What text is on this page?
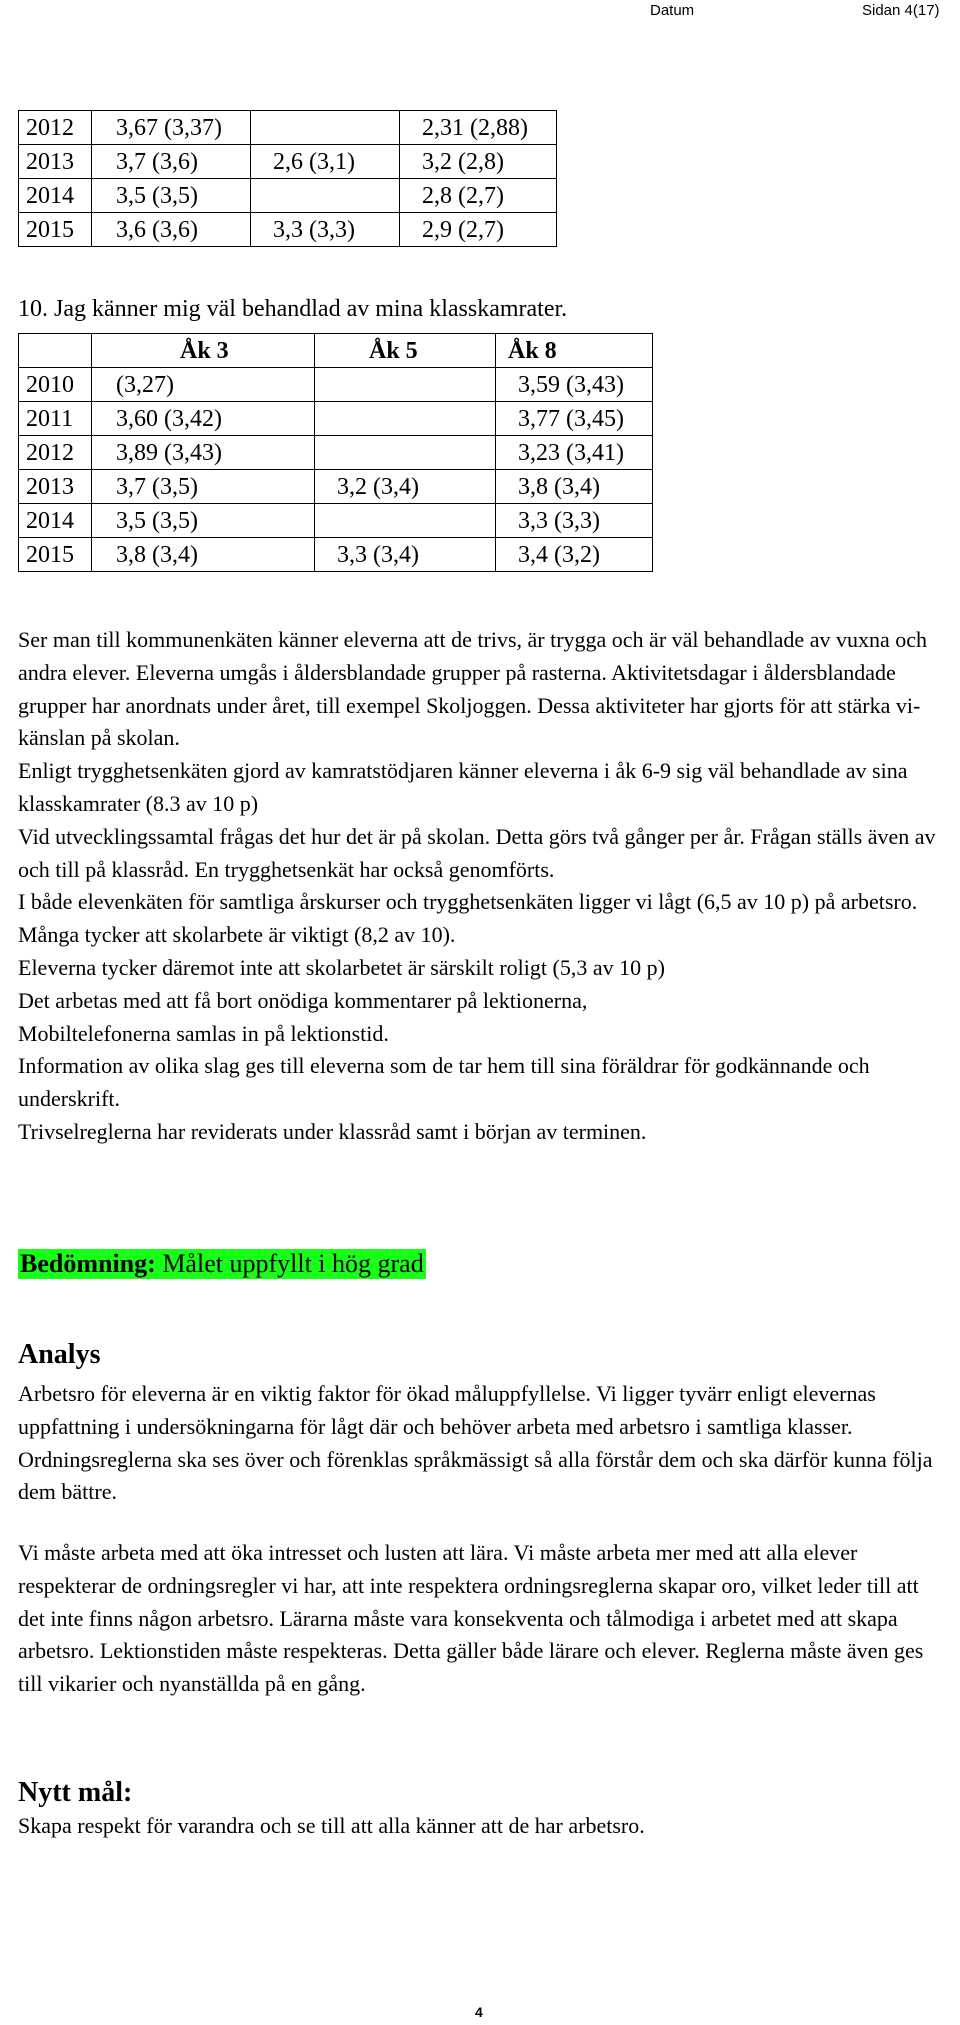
Datum	Sidan 4(17)
2012	3,67 (3,37)		2,31 (2,88)
2013	3,7 (3,6)	2,6 (3,1)	3,2 (2,8)
2014	3,5 (3,5)		2,8 (2,7)
2015	3,6 (3,6)	3,3 (3,3)	2,9 (2,7)
10. Jag känner mig väl behandlad av mina klasskamrater.
	Åk 3	Åk 5	Åk 8
2010	(3,27)		3,59 (3,43)
2011	3,60 (3,42)		3,77 (3,45)
2012	3,89 (3,43)		3,23 (3,41)
2013	3,7 (3,5)	3,2 (3,4)	3,8 (3,4)
2014	3,5 (3,5)		3,3 (3,3)
2015	3,8 (3,4)	3,3 (3,4)	3,4 (3,2)

Ser man till kommunenkäten känner eleverna att de trivs, är trygga och är väl behandlade av vuxna och andra elever. Eleverna umgås i åldersblandade grupper på rasterna. Aktivitetsdagar i åldersblandade grupper har anordnats under året, till exempel Skoljoggen. Dessa aktiviteter har gjorts för att stärka vi-känslan på skolan.

Enligt trygghetsenkäten gjord av kamratstödjaren känner eleverna i åk 6-9 sig väl behandlade av sina klasskamrater (8.3 av 10 p)

Vid utvecklingssamtal frågas det hur det är på skolan. Detta görs två gånger per år. Frågan ställs även av och till på klassråd. En trygghetsenkät har också genomförts.

I både elevenkäten för samtliga årskurser och trygghetsenkäten ligger vi lågt (6,5 av 10 p) på arbetsro. Många tycker att skolarbete är viktigt (8,2 av 10).

Eleverna tycker däremot inte att skolarbetet är särskilt roligt (5,3 av 10 p)

Det arbetas med att få bort onödiga kommentarer på lektionerna,

Mobiltelefonerna samlas in på lektionstid.

Information av olika slag ges till eleverna som de tar hem till sina föräldrar för godkännande och underskrift.

Trivselreglerna har reviderats under klassråd samt i början av terminen.

Bedömning: Målet uppfyllt i hög grad
Analys
Arbetsro för eleverna är en viktig faktor för ökad måluppfyllelse. Vi ligger tyvärr enligt elevernas uppfattning i undersökningarna för lågt där och behöver arbeta med arbetsro i samtliga klasser. Ordningsreglerna ska ses över och förenklas språkmässigt så alla förstår dem och ska därför kunna följa dem bättre.
Vi måste arbeta med att öka intresset och lusten att lära. Vi måste arbeta mer med att alla elever respekterar de ordningsregler vi har, att inte respektera ordningsreglerna skapar oro, vilket leder till att det inte finns någon arbetsro. Lärarna måste vara konsekventa och tålmodiga i arbetet med att skapa arbetsro. Lektionstiden måste respekteras. Detta gäller både lärare och elever. Reglerna måste även ges till vikarier och nyanställda på en gång.
Nytt mål:
Skapa respekt för varandra och se till att alla känner att de har arbetsro.
4
